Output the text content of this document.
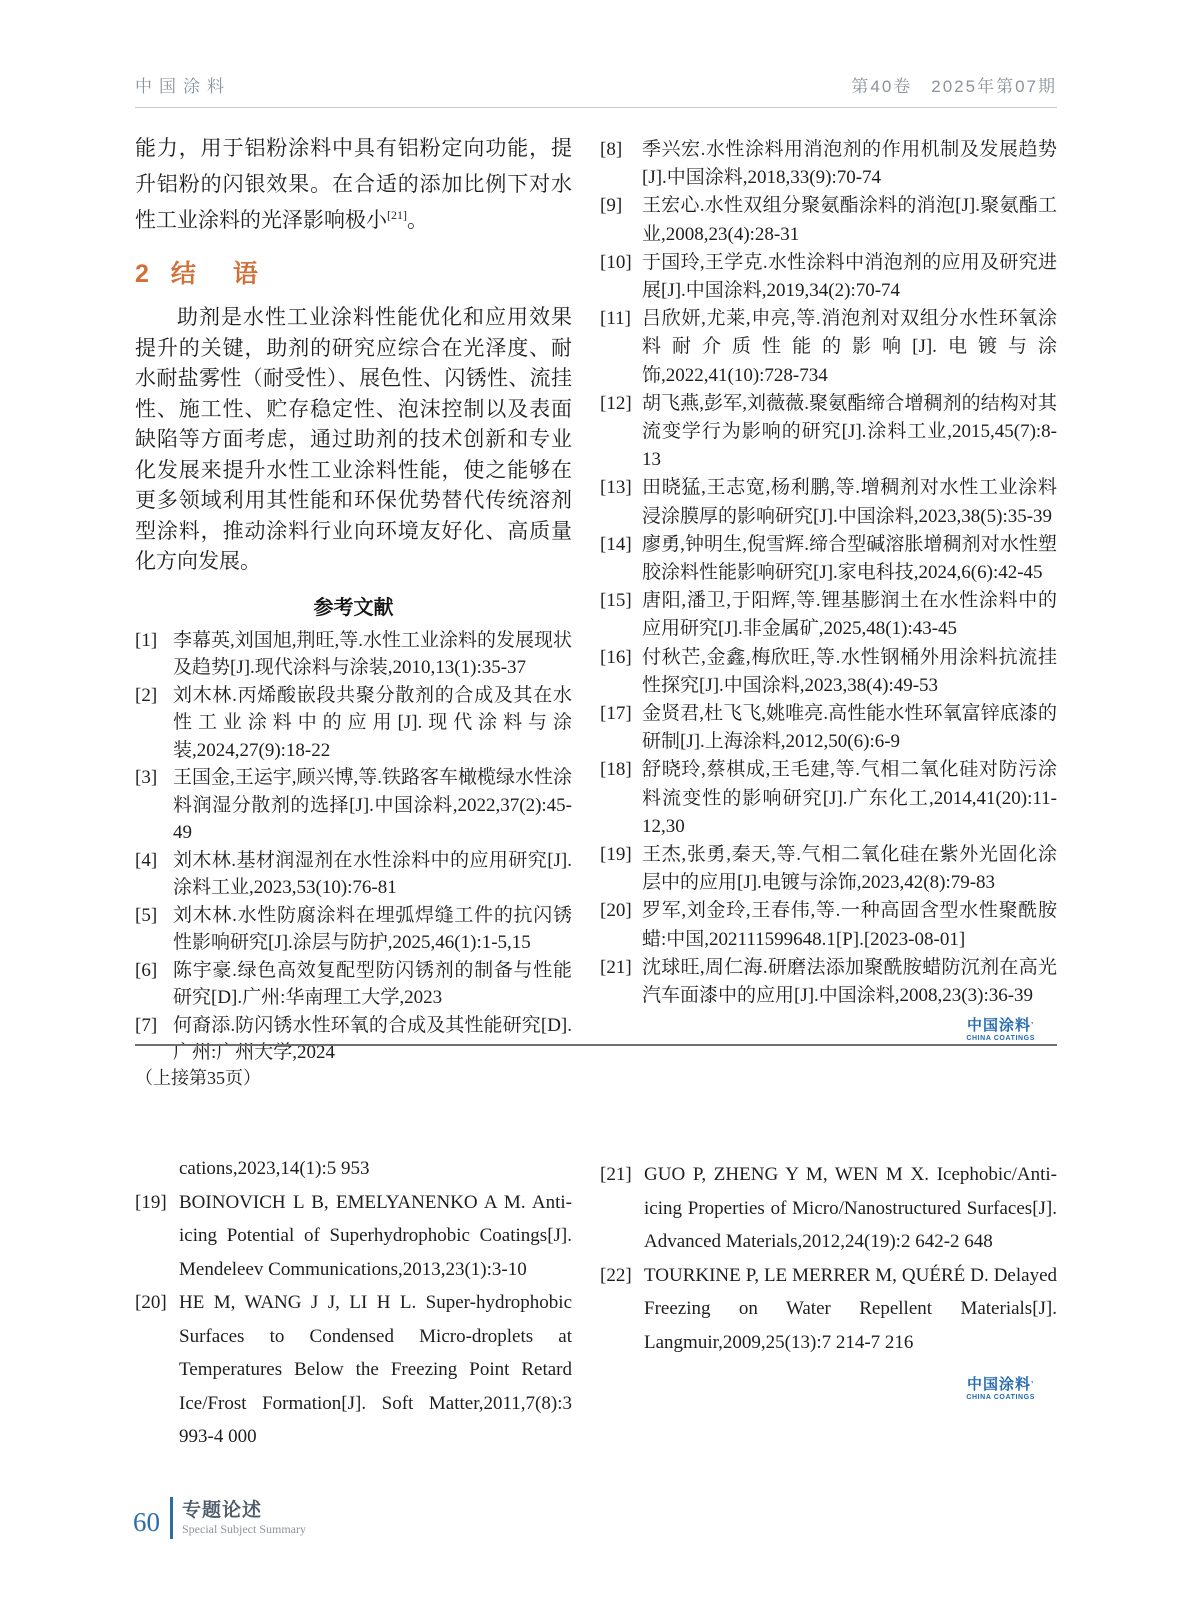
中国涂料	第40卷　2025年第07期

能力，用于铝粉涂料中具有铝粉定向功能，提升铝粉的闪银效果。在合适的添加比例下对水性工业涂料的光泽影响极小[21]。

2 结　语

助剂是水性工业涂料性能优化和应用效果提升的关键，助剂的研究应综合在光泽度、耐水耐盐雾性（耐受性）、展色性、闪锈性、流挂性、施工性、贮存稳定性、泡沫控制以及表面缺陷等方面考虑，通过助剂的技术创新和专业化发展来提升水性工业涂料性能，使之能够在更多领域利用其性能和环保优势替代传统溶剂型涂料，推动涂料行业向环境友好化、高质量化方向发展。

参考文献
[1] 李幕英,刘国旭,荆旺,等.水性工业涂料的发展现状及趋势[J].现代涂料与涂装,2010,13(1):35-37
[2] 刘木林.丙烯酸嵌段共聚分散剂的合成及其在水性工业涂料中的应用[J].现代涂料与涂装,2024,27(9):18-22
[3] 王国金,王运宇,顾兴博,等.铁路客车橄榄绿水性涂料润湿分散剂的选择[J].中国涂料,2022,37(2):45-49
[4] 刘木林.基材润湿剂在水性涂料中的应用研究[J].涂料工业,2023,53(10):76-81
[5] 刘木林.水性防腐涂料在埋弧焊缝工件的抗闪锈性影响研究[J].涂层与防护,2025,46(1):1-5,15
[6] 陈宇豪.绿色高效复配型防闪锈剂的制备与性能研究[D].广州:华南理工大学,2023
[7] 何裔添.防闪锈水性环氧的合成及其性能研究[D].广州:广州大学,2024
[8]	季兴宏.水性涂料用消泡剂的作用机制及发展趋势[J].中国涂料,2018,33(9):70-74
[9]	王宏心.水性双组分聚氨酯涂料的消泡[J].聚氨酯工业,2008,23(4):28-31
[10] 于国玲,王学克.水性涂料中消泡剂的应用及研究进展[J].中国涂料,2019,34(2):70-74
[11] 吕欣妍,尤莱,申亮,等.消泡剂对双组分水性环氧涂料耐介质性能的影响[J].电镀与涂饰,2022,41(10):728-734
[12] 胡飞燕,彭军,刘薇薇.聚氨酯缔合增稠剂的结构对其流变学行为影响的研究[J].涂料工业,2015,45(7):8-13
[13] 田晓猛,王志宽,杨利鹏,等.增稠剂对水性工业涂料浸涂膜厚的影响研究[J].中国涂料,2023,38(5):35-39
[14] 廖勇,钟明生,倪雪辉.缔合型碱溶胀增稠剂对水性塑胶涂料性能影响研究[J].家电科技,2024,6(6):42-45
[15] 唐阳,潘卫,于阳辉,等.锂基膨润土在水性涂料中的应用研究[J].非金属矿,2025,48(1):43-45
[16] 付秋芒,金鑫,梅欣旺,等.水性钢桶外用涂料抗流挂性探究[J].中国涂料,2023,38(4):49-53
[17] 金贤君,杜飞飞,姚唯亮.高性能水性环氧富锌底漆的研制[J].上海涂料,2012,50(6):6-9
[18] 舒晓玲,蔡棋成,王毛建,等.气相二氧化硅对防污涂料流变性的影响研究[J].广东化工,2014,41(20):11-12,30
[19] 王杰,张勇,秦天,等.气相二氧化硅在紫外光固化涂层中的应用[J].电镀与涂饰,2023,42(8):79-83
[20] 罗军,刘金玲,王春伟,等.一种高固含型水性聚酰胺蜡:中国,202111599648.1[P].[2023-08-01]
[21] 沈球旺,周仁海.研磨法添加聚酰胺蜡防沉剂在高光汽车面漆中的应用[J].中国涂料,2008,23(3):36-39
中国涂料’
CHINA COATINGS
（上接第35页）
cations,2023,14(1):5 953
[19] BOINOVICH L B, EMELYANENKO A M. Anti-icing Potential of Superhydrophobic Coatings[J]. Mendeleev Communications,2013,23(1):3-10
[20] HE M, WANG J J, LI H L. Super-hydrophobic Surfaces to Condensed Micro-droplets at Temperatures Below the Freezing Point Retard Ice/Frost Formation[J]. Soft Matter,2011,7(8):3 993-4 000
[21] GUO P, ZHENG Y M, WEN M X. Icephobic/Anti-icing Properties of Micro/Nanostructured Surfaces[J]. Advanced Materials,2012,24(19):2 642-2 648
[22] TOURKINE P, LE MERRER M, QUÉRÉ D. Delayed Freezing on Water Repellent Materials[J]. Langmuir,2009,25(13):7 214-7 216
中国涂料’
CHINA COATINGS
60 专题论述
Special Subject Summary
